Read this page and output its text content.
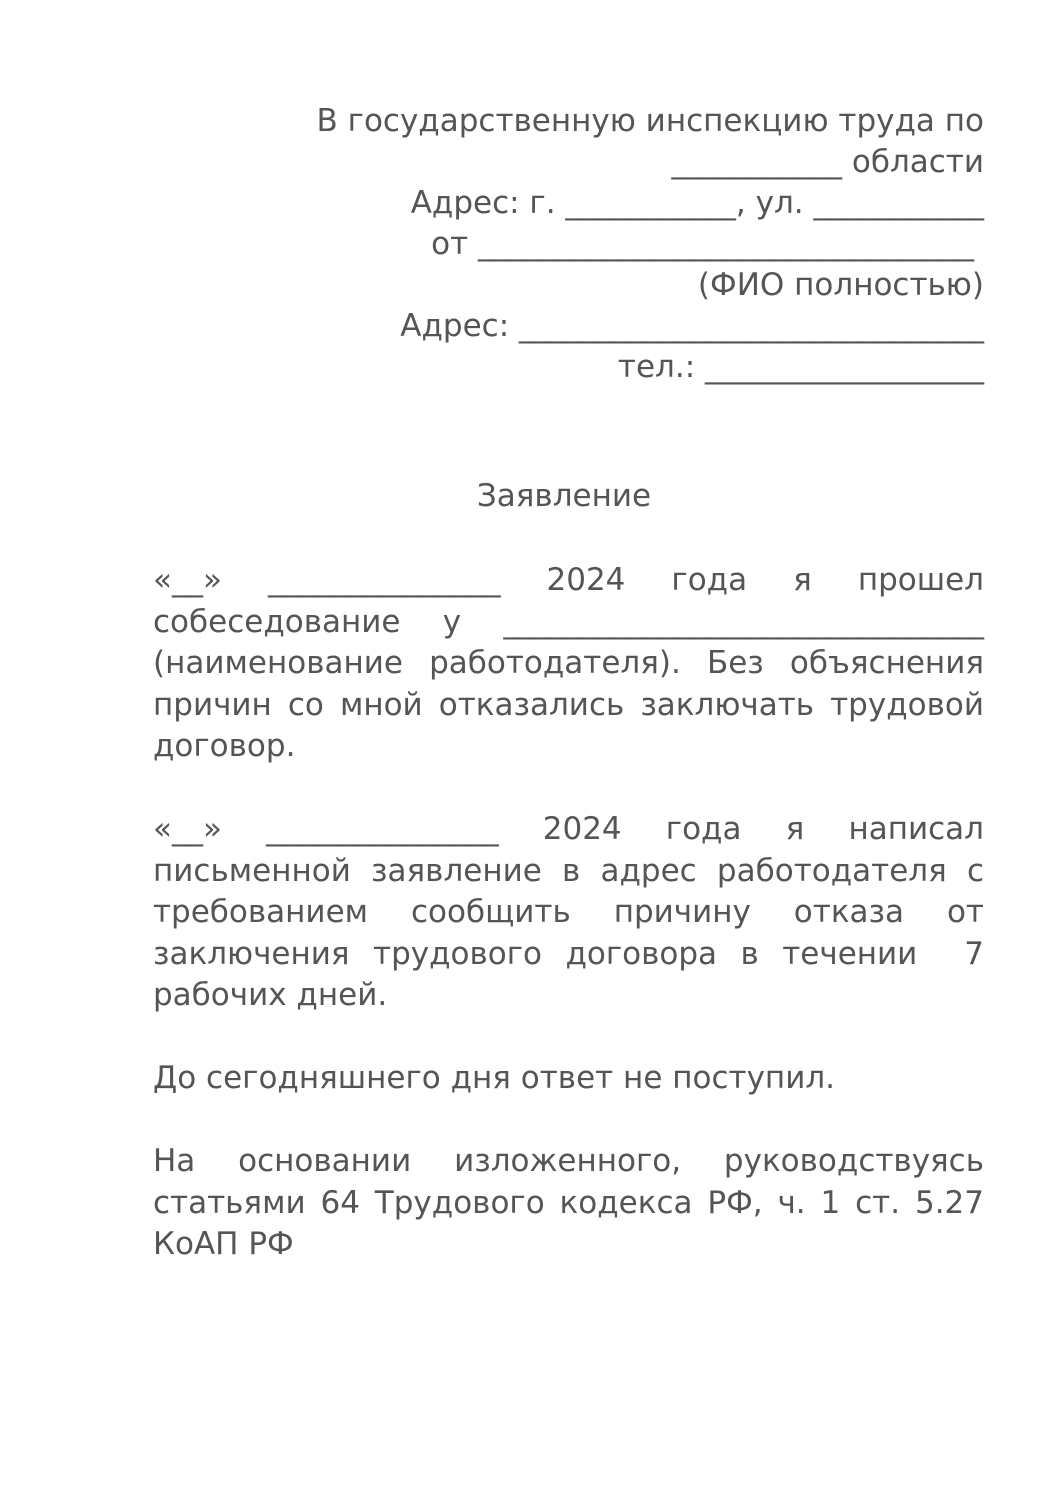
В государственную инспекцию труда по
___________ области
Адрес: г. ___________, ул. ___________
от ________________________________
(ФИО полностью)
Адрес: ______________________________
тел.: __________________
Заявление

«__» _______________ 2024 года я прошел собеседование у _______________________________ (наименование работодателя). Без объяснения причин со мной отказались заключать трудовой договор.

«__» _______________ 2024 года я написал письменной заявление в адрес работодателя с требованием сообщить причину отказа от заключения трудового договора в течении  7 рабочих дней.

До сегодняшнего дня ответ не поступил.

На основании изложенного, руководствуясь статьями 64 Трудового кодекса РФ, ч. 1 ст. 5.27 КоАП РФ
